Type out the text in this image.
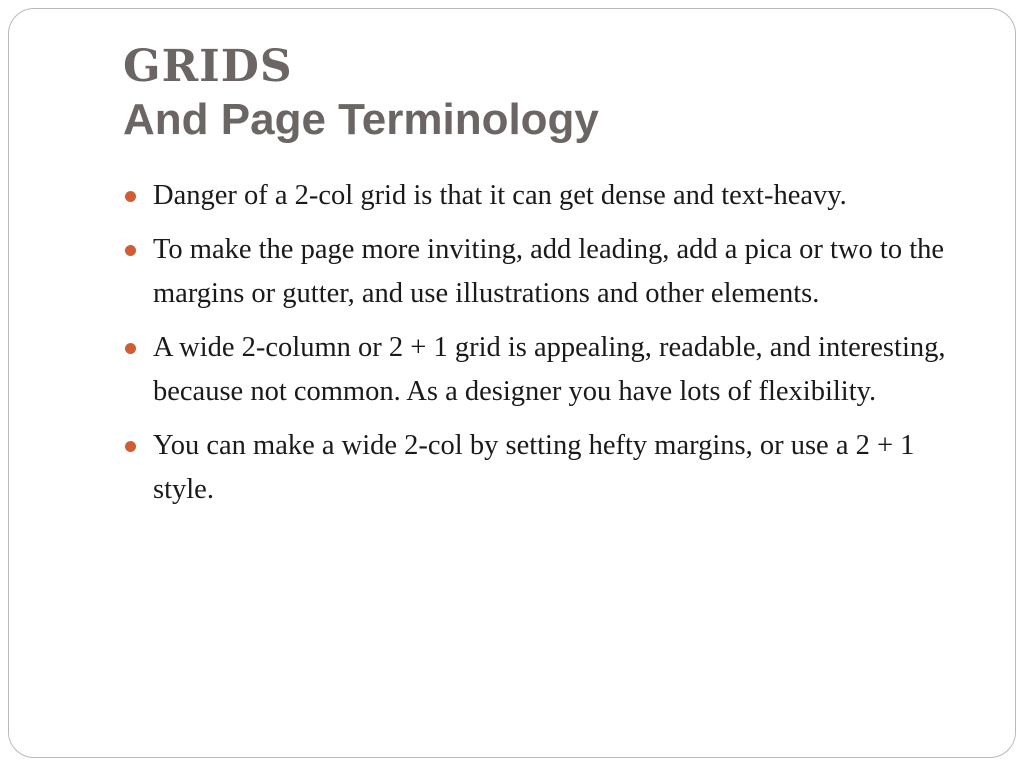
GRIDS
And Page Terminology
Danger of a 2-col grid is that it can get dense and text-heavy.
To make the page more inviting, add leading, add a pica or two to the margins or gutter, and use illustrations and other elements.
A wide 2-column or 2 + 1 grid is appealing, readable, and interesting, because not common. As a designer you have lots of flexibility.
You can make a wide 2-col by setting hefty margins, or use a 2 + 1 style.
